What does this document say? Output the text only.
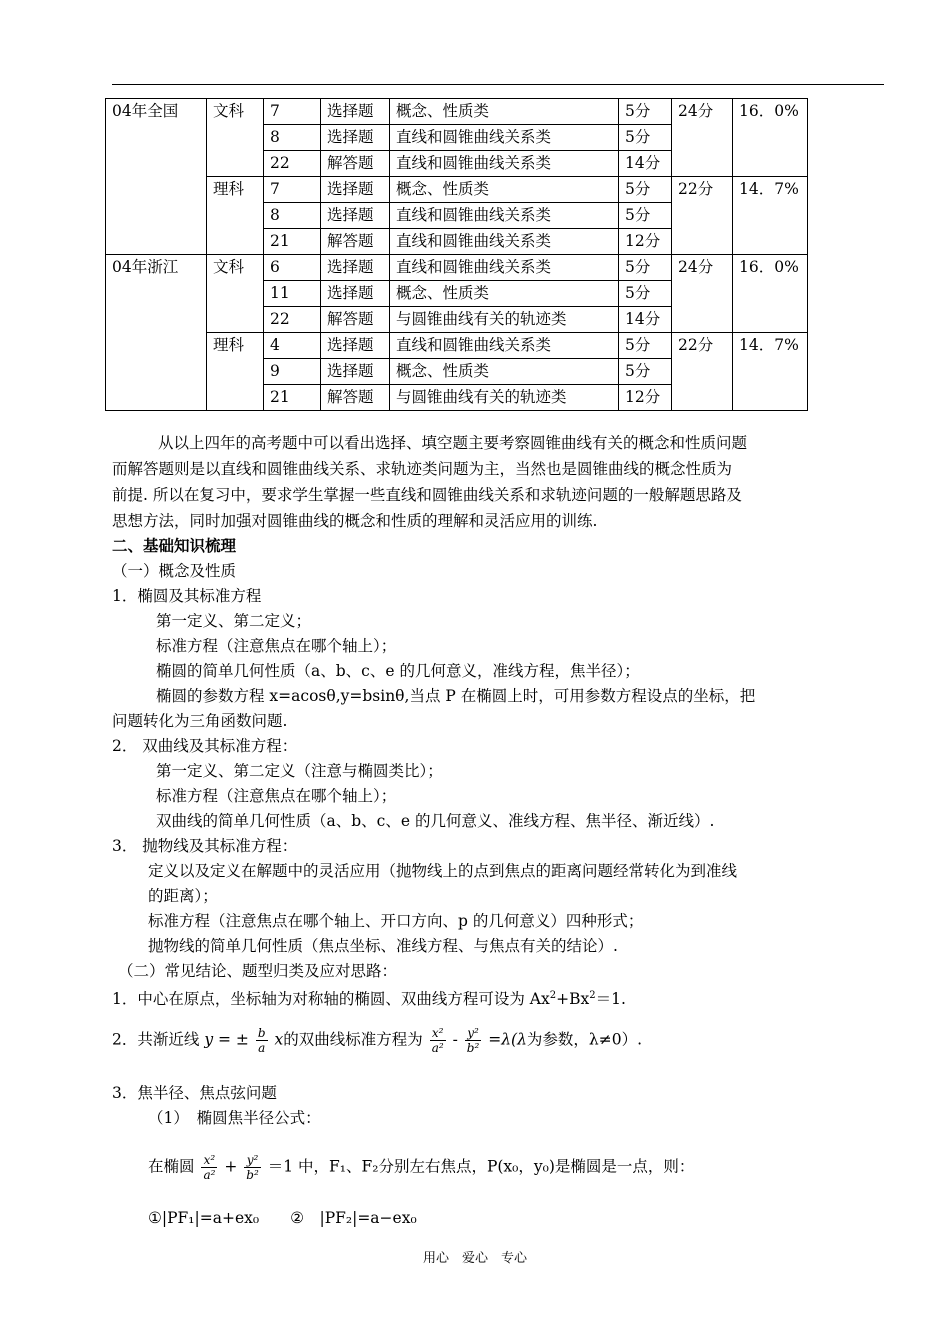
04年全国	文科	7	选择题	概念、性质类	5分	24分	16．0%
		8	选择题	直线和圆锥曲线关系类	5分		
		22	解答题	直线和圆锥曲线关系类	14分		
	理科	7	选择题	概念、性质类	5分	22分	14．7%
		8	选择题	直线和圆锥曲线关系类	5分		
		21	解答题	直线和圆锥曲线关系类	12分		
04年浙江	文科	6	选择题	直线和圆锥曲线关系类	5分	24分	16．0%
		11	选择题	概念、性质类	5分		
		22	解答题	与圆锥曲线有关的轨迹类	14分		
	理科	4	选择题	直线和圆锥曲线关系类	5分	22分	14．7%
		9	选择题	概念、性质类	5分		
		21	解答题	与圆锥曲线有关的轨迹类	12分		
从以上四年的高考题中可以看出选择、填空题主要考察圆锥曲线有关的概念和性质问题
而解答题则是以直线和圆锥曲线关系、求轨迹类问题为主，当然也是圆锥曲线的概念性质为
前提. 所以在复习中，要求学生掌握一些直线和圆锥曲线关系和求轨迹问题的一般解题思路及
思想方法，同时加强对圆锥曲线的概念和性质的理解和灵活应用的训练.
二、基础知识梳理
（一）概念及性质
1．椭圆及其标准方程
第一定义、第二定义；
标准方程（注意焦点在哪个轴上）；
椭圆的简单几何性质（a、b、c、e 的几何意义，准线方程，焦半径）；
椭圆的参数方程 x=acosθ,y=bsinθ,当点 P 在椭圆上时，可用参数方程设点的坐标，把
问题转化为三角函数问题.
2． 双曲线及其标准方程：
第一定义、第二定义（注意与椭圆类比）；
标准方程（注意焦点在哪个轴上）；
双曲线的简单几何性质（a、b、c、e 的几何意义、准线方程、焦半径、渐近线）.
3． 抛物线及其标准方程：
定义以及定义在解题中的灵活应用（抛物线上的点到焦点的距离问题经常转化为到准线
的距离）；
标准方程（注意焦点在哪个轴上、开口方向、p 的几何意义）四种形式；
抛物线的简单几何性质（焦点坐标、准线方程、与焦点有关的结论）.
（二）常见结论、题型归类及应对思路：
1．中心在原点，坐标轴为对称轴的椭圆、双曲线方程可设为 $Ax^2+Bx^2=1$.
2．共渐近线 y = ± $\frac{b}{a}$ x的双曲线标准方程为 $\frac{\text{x²}}{\text{a²}} - \frac{\text{y²}}{\text{b²}} =\lambda(\lambda$为参数，λ≠0）.
3．焦半径、焦点弦问题
（1）　椭圆焦半径公式：
在椭圆 $\frac{\text{x²}}{\text{a²}} + \frac{\text{y²}}{\text{b²}} =1$ 中，F₁、F₂分别左右焦点，P(x₀，y₀)是椭圆是一点，则：
①|PF₁|=a+ex₀　　②　|PF₂|=a−ex₀
用心　爱心　专心
